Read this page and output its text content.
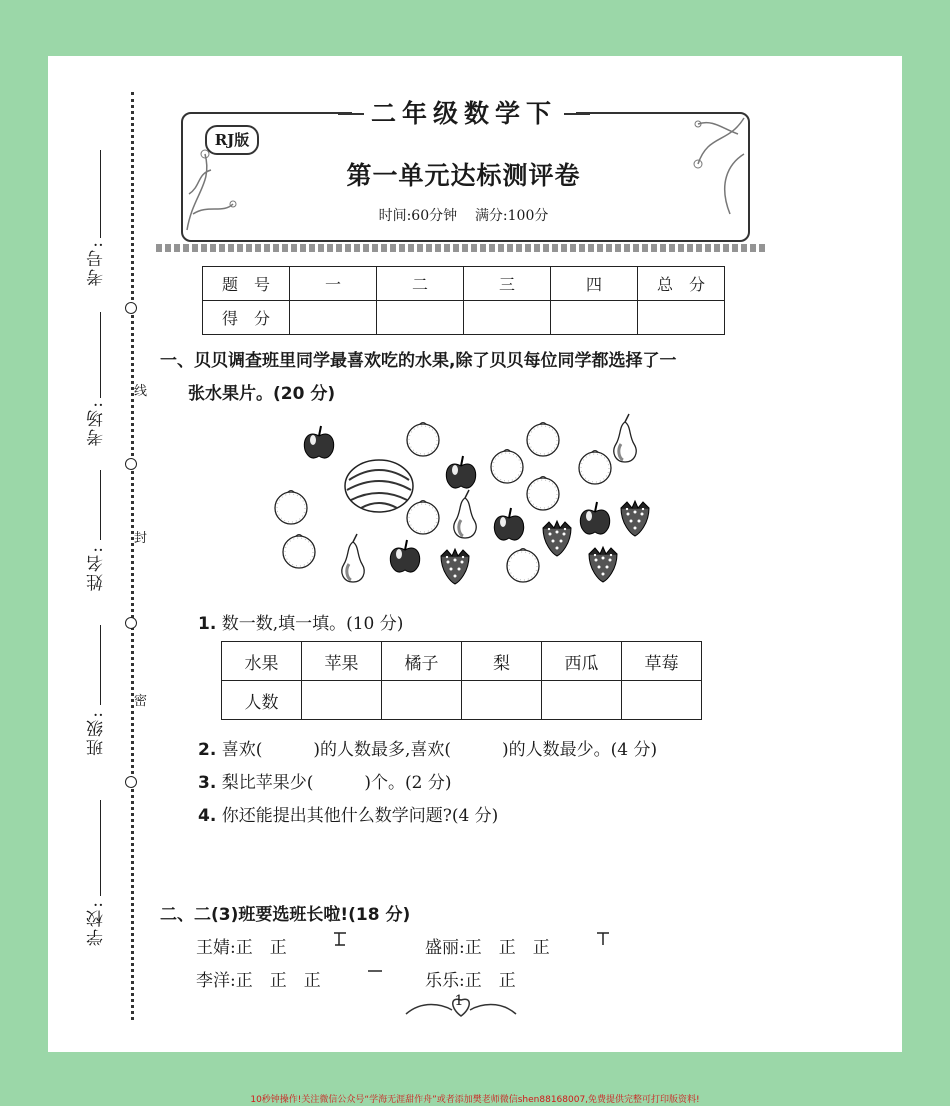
考号:
考场:
姓名:
班级:
学校:
线
封
密
二年级数学下
RJ版
第一单元达标测评卷
时间:60分钟 满分:100分
题　号	一	二	三	四	总　分
得　分					
一、贝贝调查班里同学最喜欢吃的水果,除了贝贝每位同学都选择了一
张水果片。(20 分)
1. 数一数,填一填。(10 分)
水果	苹果	橘子	梨	西瓜	草莓
人数					
2. 喜欢(　　　)的人数最多,喜欢(　　　)的人数最少。(4 分)
3. 梨比苹果少(　　　)个。(2 分)
4. 你还能提出其他什么数学问题?(4 分)
二、二(3)班要选班长啦!(18 分)
王婧:正　正　　	盛丽:正　正　正　
李洋:正　正　正　	乐乐:正　正
1
10秒钟操作!关注微信公众号“学海无涯甜作舟”或者添加樊老师微信shen88168007,免费提供完整可打印版资料!
